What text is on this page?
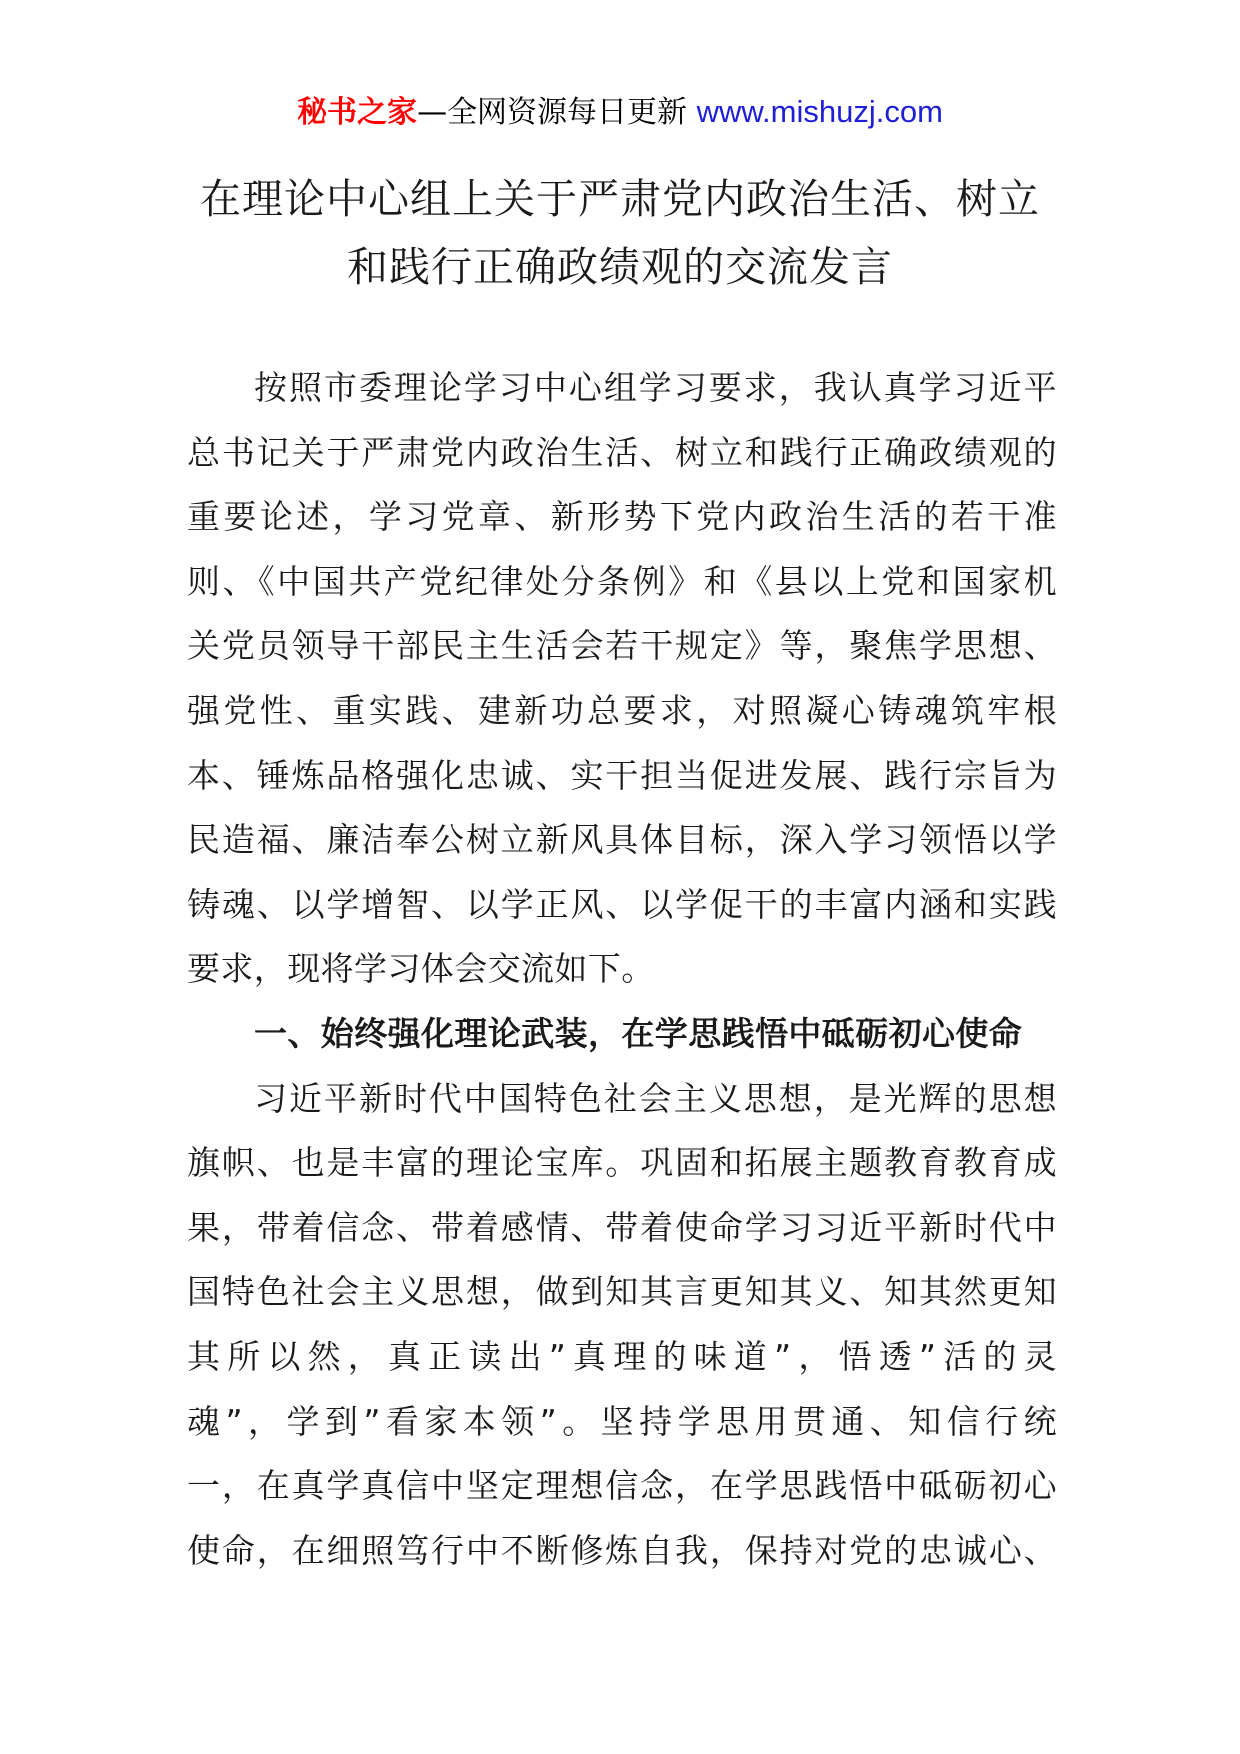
秘书之家—全网资源每日更新 www.mishuzj.com
在理论中心组上关于严肃党内政治生活、树立
和践行正确政绩观的交流发言
按照市委理论学习中心组学习要求，我认真学习近平
总书记关于严肃党内政治生活、树立和践行正确政绩观的
重要论述，学习党章、新形势下党内政治生活的若干准
则、《中国共产党纪律处分条例》和《县以上党和国家机
关党员领导干部民主生活会若干规定》等，聚焦学思想、
强党性、重实践、建新功总要求，对照凝心铸魂筑牢根
本、锤炼品格强化忠诚、实干担当促进发展、践行宗旨为
民造福、廉洁奉公树立新风具体目标，深入学习领悟以学
铸魂、以学增智、以学正风、以学促干的丰富内涵和实践
要求，现将学习体会交流如下。
一、始终强化理论武装，在学思践悟中砥砺初心使命
习近平新时代中国特色社会主义思想，是光辉的思想
旗帜、也是丰富的理论宝库。巩固和拓展主题教育教育成
果，带着信念、带着感情、带着使命学习习近平新时代中
国特色社会主义思想，做到知其言更知其义、知其然更知
其所以然，真正读出”真理的味道”，悟透”活的灵
魂”，学到”看家本领”。坚持学思用贯通、知信行统
一，在真学真信中坚定理想信念，在学思践悟中砥砺初心
使命，在细照笃行中不断修炼自我，保持对党的忠诚心、
